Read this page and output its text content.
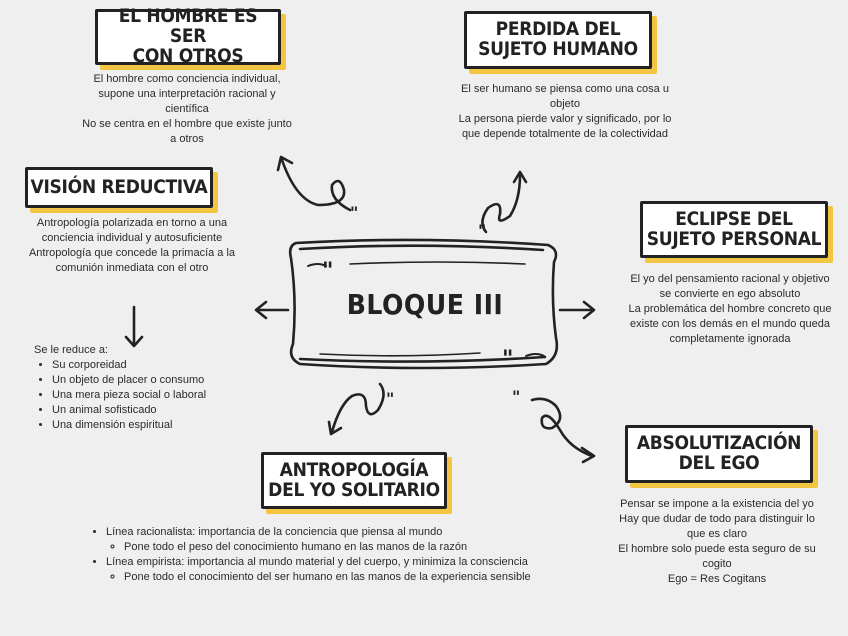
"
"
"	"
"
"
BLOQUE III
EL HOMBRE ES SER
CON OTROS
PERDIDA DEL
SUJETO HUMANO
VISIÓN REDUCTIVA
ECLIPSE DEL
SUJETO PERSONAL
ANTROPOLOGÍA
DEL YO SOLITARIO
ABSOLUTIZACIÓN
DEL EGO

El hombre como conciencia individual, supone una interpretación racional y científica

No se centra en el hombre que existe junto a otros

El ser humano se piensa como una cosa u objeto

La persona pierde valor y significado, por lo que depende totalmente de la colectividad

Antropología polarizada en torno a una conciencia individual y autosuficiente

Antropología que concede la primacía a la comunión inmediata con el otro

El yo del pensamiento racional y objetivo se convierte en ego absoluto

La problemática del hombre concreto que existe con los demás en el mundo queda completamente ignorada

Pensar se impone a la existencia del yo

Hay que dudar de todo para distinguir lo que es claro

El hombre solo puede esta seguro de su cogito

Ego = Res Cogitans

Se le reduce a:

• Su corporeidad
• Un objeto de placer o consumo
• Una mera pieza social o laboral
• Un animal sofisticado
• Una dimensión espiritual
• Línea racionalista: importancia de la conciencia que piensa al mundo
◦ Pone todo el peso del conocimiento humano en las manos de la razón
• Línea empirista: importancia al mundo material y del cuerpo, y minimiza la consciencia
◦ Pone todo el conocimiento del ser humano en las manos de la experiencia sensible
